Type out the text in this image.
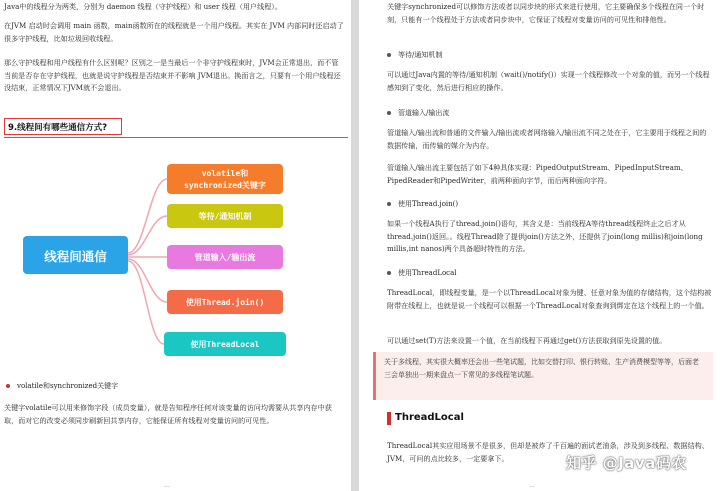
Java中的线程分为两类，分别为 daemon 线程（守护线程）和 user 线程（用户线程）。
在JVM 启动时会调用 main 函数，main函数所在的线程就是一个用户线程。其实在 JVM 内部同时还启动了很多守护线程，比如垃圾回收线程。
那么守护线程和用户线程有什么区别呢？区别之一是当最后一个非守护线程束时，JVM会正常退出，而不管当前是否存在守护线程，也就是说守护线程是否结束并不影响 JVM退出。换而言之，只要有一个用户线程还没结束，正常情况下JVM就不会退出。
9.线程间有哪些通信方式?
线程间通信
volatile和
synchronized关键字
等待/通知机制
管道输入/输出流
使用Thread.join()
使用ThreadLocal
volatile和synchronized关键字
关键字volatile可以用来修饰字段（成员变量），就是告知程序任何对该变量的访问均需要从共享内存中获取，而对它的改变必须同步刷新回共享内存，它能保证所有线程对变量访问的可见性。
...
关键字synchronized可以修饰方法或者以同步块的形式来进行使用，它主要确保多个线程在同一个时刻，只能有一个线程处于方法或者同步块中，它保证了线程对变量访问的可见性和排他性。
等待/通知机制
可以通过Java内置的等待/通知机制（wait()/notify()）实现一个线程修改一个对象的值，而另一个线程感知到了变化，然后进行相应的操作。
管道输入/输出流
管道输入/输出流和普通的文件输入/输出流或者网络输入/输出流不同之处在于，它主要用于线程之间的数据传输，而传输的媒介为内存。
管道输入/输出流主要包括了如下4种具体实现：PipedOutputStream、PipedInputStream、PipedReader和PipedWriter，前两种面向字节，而后两种面向字符。
使用Thread.join()
如果一个线程A执行了thread.join()语句，其含义是：当前线程A等待thread线程终止之后才从thread.join()返回。。线程Thread除了提供join()方法之外，还提供了join(long millis)和join(long millis,int nanos)两个具备超时特性的方法。
使用ThreadLocal
ThreadLocal，即线程变量，是一个以ThreadLocal对象为键、任意对象为值的存储结构，这个结构被附带在线程上，也就是说一个线程可以根据一个ThreadLocal对象查询到绑定在这个线程上的一个值。
可以通过set(T)方法来设置一个值，在当前线程下再通过get()方法获取到原先设置的值。
关于多线程，其实很大概率还会出一些笔试题，比如交替打印、银行转账、生产消费模型等等，后面老三会单独出一期来盘点一下常见的多线程笔试题。
ThreadLocal
ThreadLocal其实应用场景不是很多，但却是被炸了千百遍的面试老油条，涉及到多线程、数据结构、JVM，可问的点比较多，一定要拿下。
...
知乎 @Java码农
